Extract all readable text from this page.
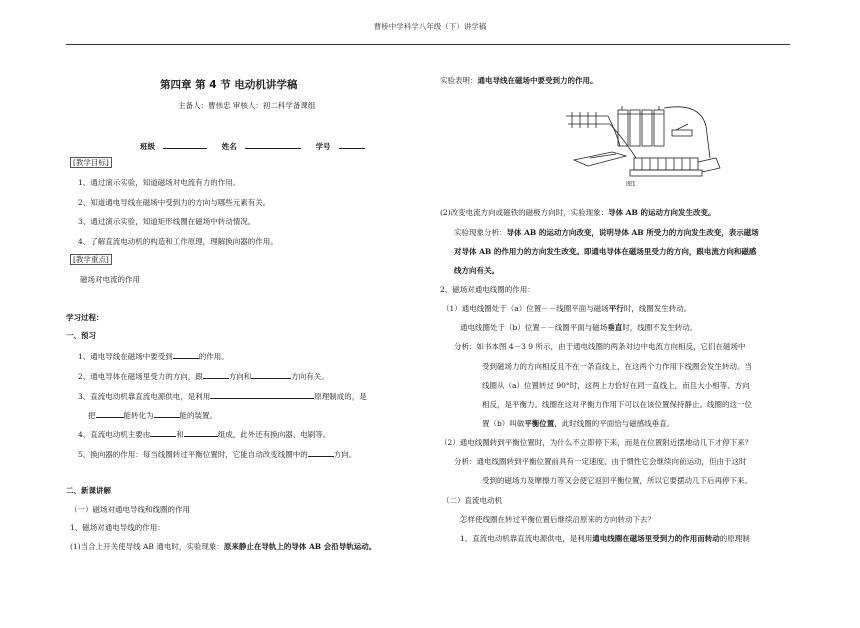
曹桥中学科学八年级（下）讲学稿
第四章 第 4 节 电动机讲学稿
主备人：曹伟忠 审核人：初二科学备课组
班级	姓名	学号
[教学目标]
1、通过演示实验，知道磁场对电流有力的作用。
2、知道通电导线在磁场中受到力的方向与哪些元素有关。
3、通过演示实验，知道矩形线圈在磁场中转动情况。
4、了解直流电动机的构造和工作原理，理解换向器的作用。
[教学重点]
磁场对电流的作用
学习过程：
一、预习
1、通电导线在磁场中要受到	的作用。
2、通电导体在磁场里受力的方向，跟	方向和	方向有关。
3、直流电动机靠直流电源供电，是利用	原理制成的，是
把	能转化为	能的装置。
4、直流电动机主要由	和	组成，此外还有换向器、电刷等。
5、换向器的作用：每当线圈转过平衡位置时，它能自动改变线圈中的	方向。
二、新课讲解
（一）磁场对通电导线和线圈的作用
1、磁场对通电导线的作用：
(1)当合上开关使导线 AB 通电时，实验现象：原来静止在导轨上的导体 AB 会沿导轨运动。
实验表明：通电导线在磁场中要受到力的作用。
图1
(2)改变电流方向或磁铁的磁极方向时，实验现象：导体 AB 的运动方向发生改变。
实验现象分析：导体 AB 的运动方向改变，说明导体 AB 所受力的方向发生改变，表示磁场
对导体 AB 的作用力的方向发生改变。即通电导体在磁场里受力的方向，跟电流方向和磁感
线方向有关。
2、磁场对通电线圈的作用：
（1）通电线圈处于（a）位置－－线圈平面与磁场平行时，线圈发生转动。
通电线圈处于（b）位置－－线圈平面与磁场垂直时，线圈不发生转动。
分析：如书本图 4－3 9 所示，由于通电线圈的两条对边中电流方向相反，它们在磁场中
受到磁场力的方向相反且不在一条直线上，在这两个力作用下线圈会发生转动。当
线圈从（a）位置转过 90°时，这两上力恰好在同一直线上，而且大小相等、方向
相反，是平衡力。线圈在这对平衡力作用下可以在该位置保持静止。线圈的这一位
置（b）叫做平衡位置，此时线圈的平面恰与磁感线垂直。
（2）通电线圈转到平衡位置时，为什么不立即停下来，而是在位置附近摆地动几下才停下来？
分析：通电线圈转到平衡位置前具有一定速度，由于惯性它会继续向前运动，但由于这时
受到的磁场力及摩擦力等又会使它返回平衡位置，所以它要摆动几下后再停下来。
（二）直流电动机
怎样使线圈在转过平衡位置后继续沿原来的方向转动下去？
1、直流电动机靠直流电源供电，是利用通电线圈在磁场里受到力的作用而转动的原理制
